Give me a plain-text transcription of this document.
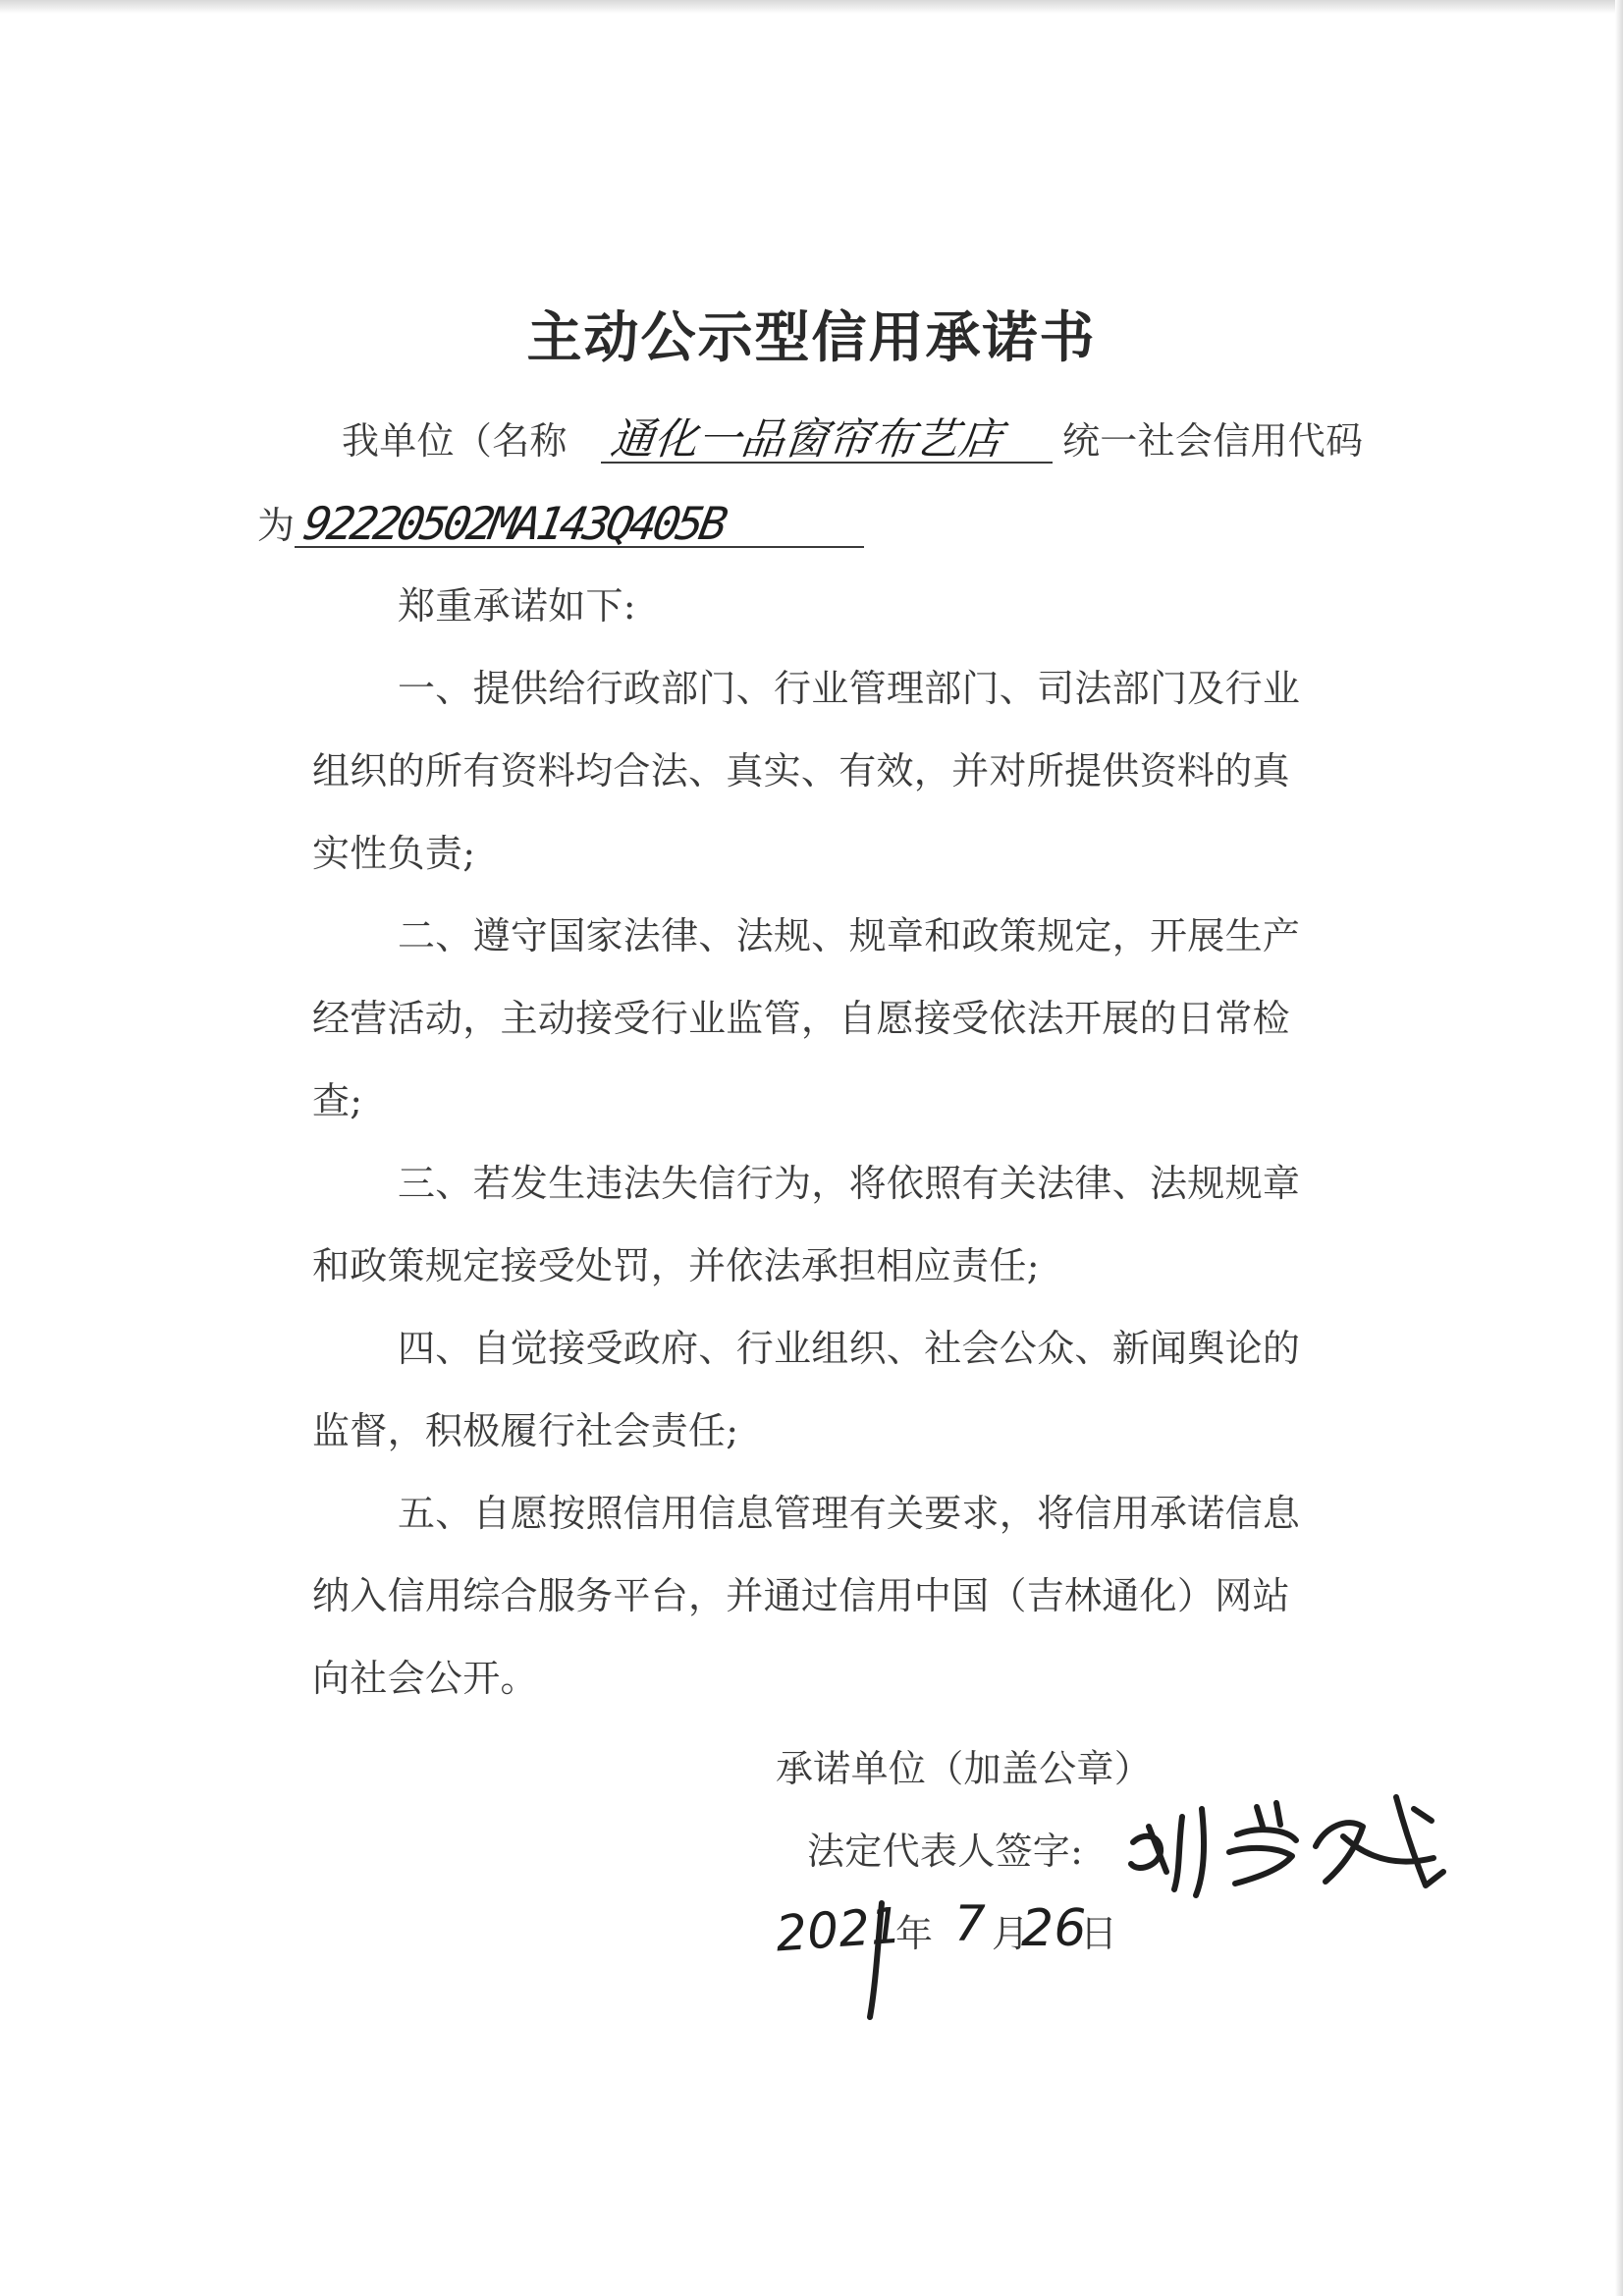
主动公示型信用承诺书
我单位（名称 通化一品窗帘布艺店 统一社会信用代码
为 92220502MA143Q405B
郑重承诺如下:
一、提供给行政部门、行业管理部门、司法部门及行业
组织的所有资料均合法、真实、有效，并对所提供资料的真
实性负责;
二、遵守国家法律、法规、规章和政策规定，开展生产
经营活动，主动接受行业监管，自愿接受依法开展的日常检
查;
三、若发生违法失信行为，将依照有关法律、法规规章
和政策规定接受处罚，并依法承担相应责任;
四、自觉接受政府、行业组织、社会公众、新闻舆论的
监督，积极履行社会责任;
五、自愿按照信用信息管理有关要求，将信用承诺信息
纳入信用综合服务平台，并通过信用中国（吉林通化）网站
向社会公开。
承诺单位（加盖公章）
法定代表人签字:
2021
年 7 月
26
日
